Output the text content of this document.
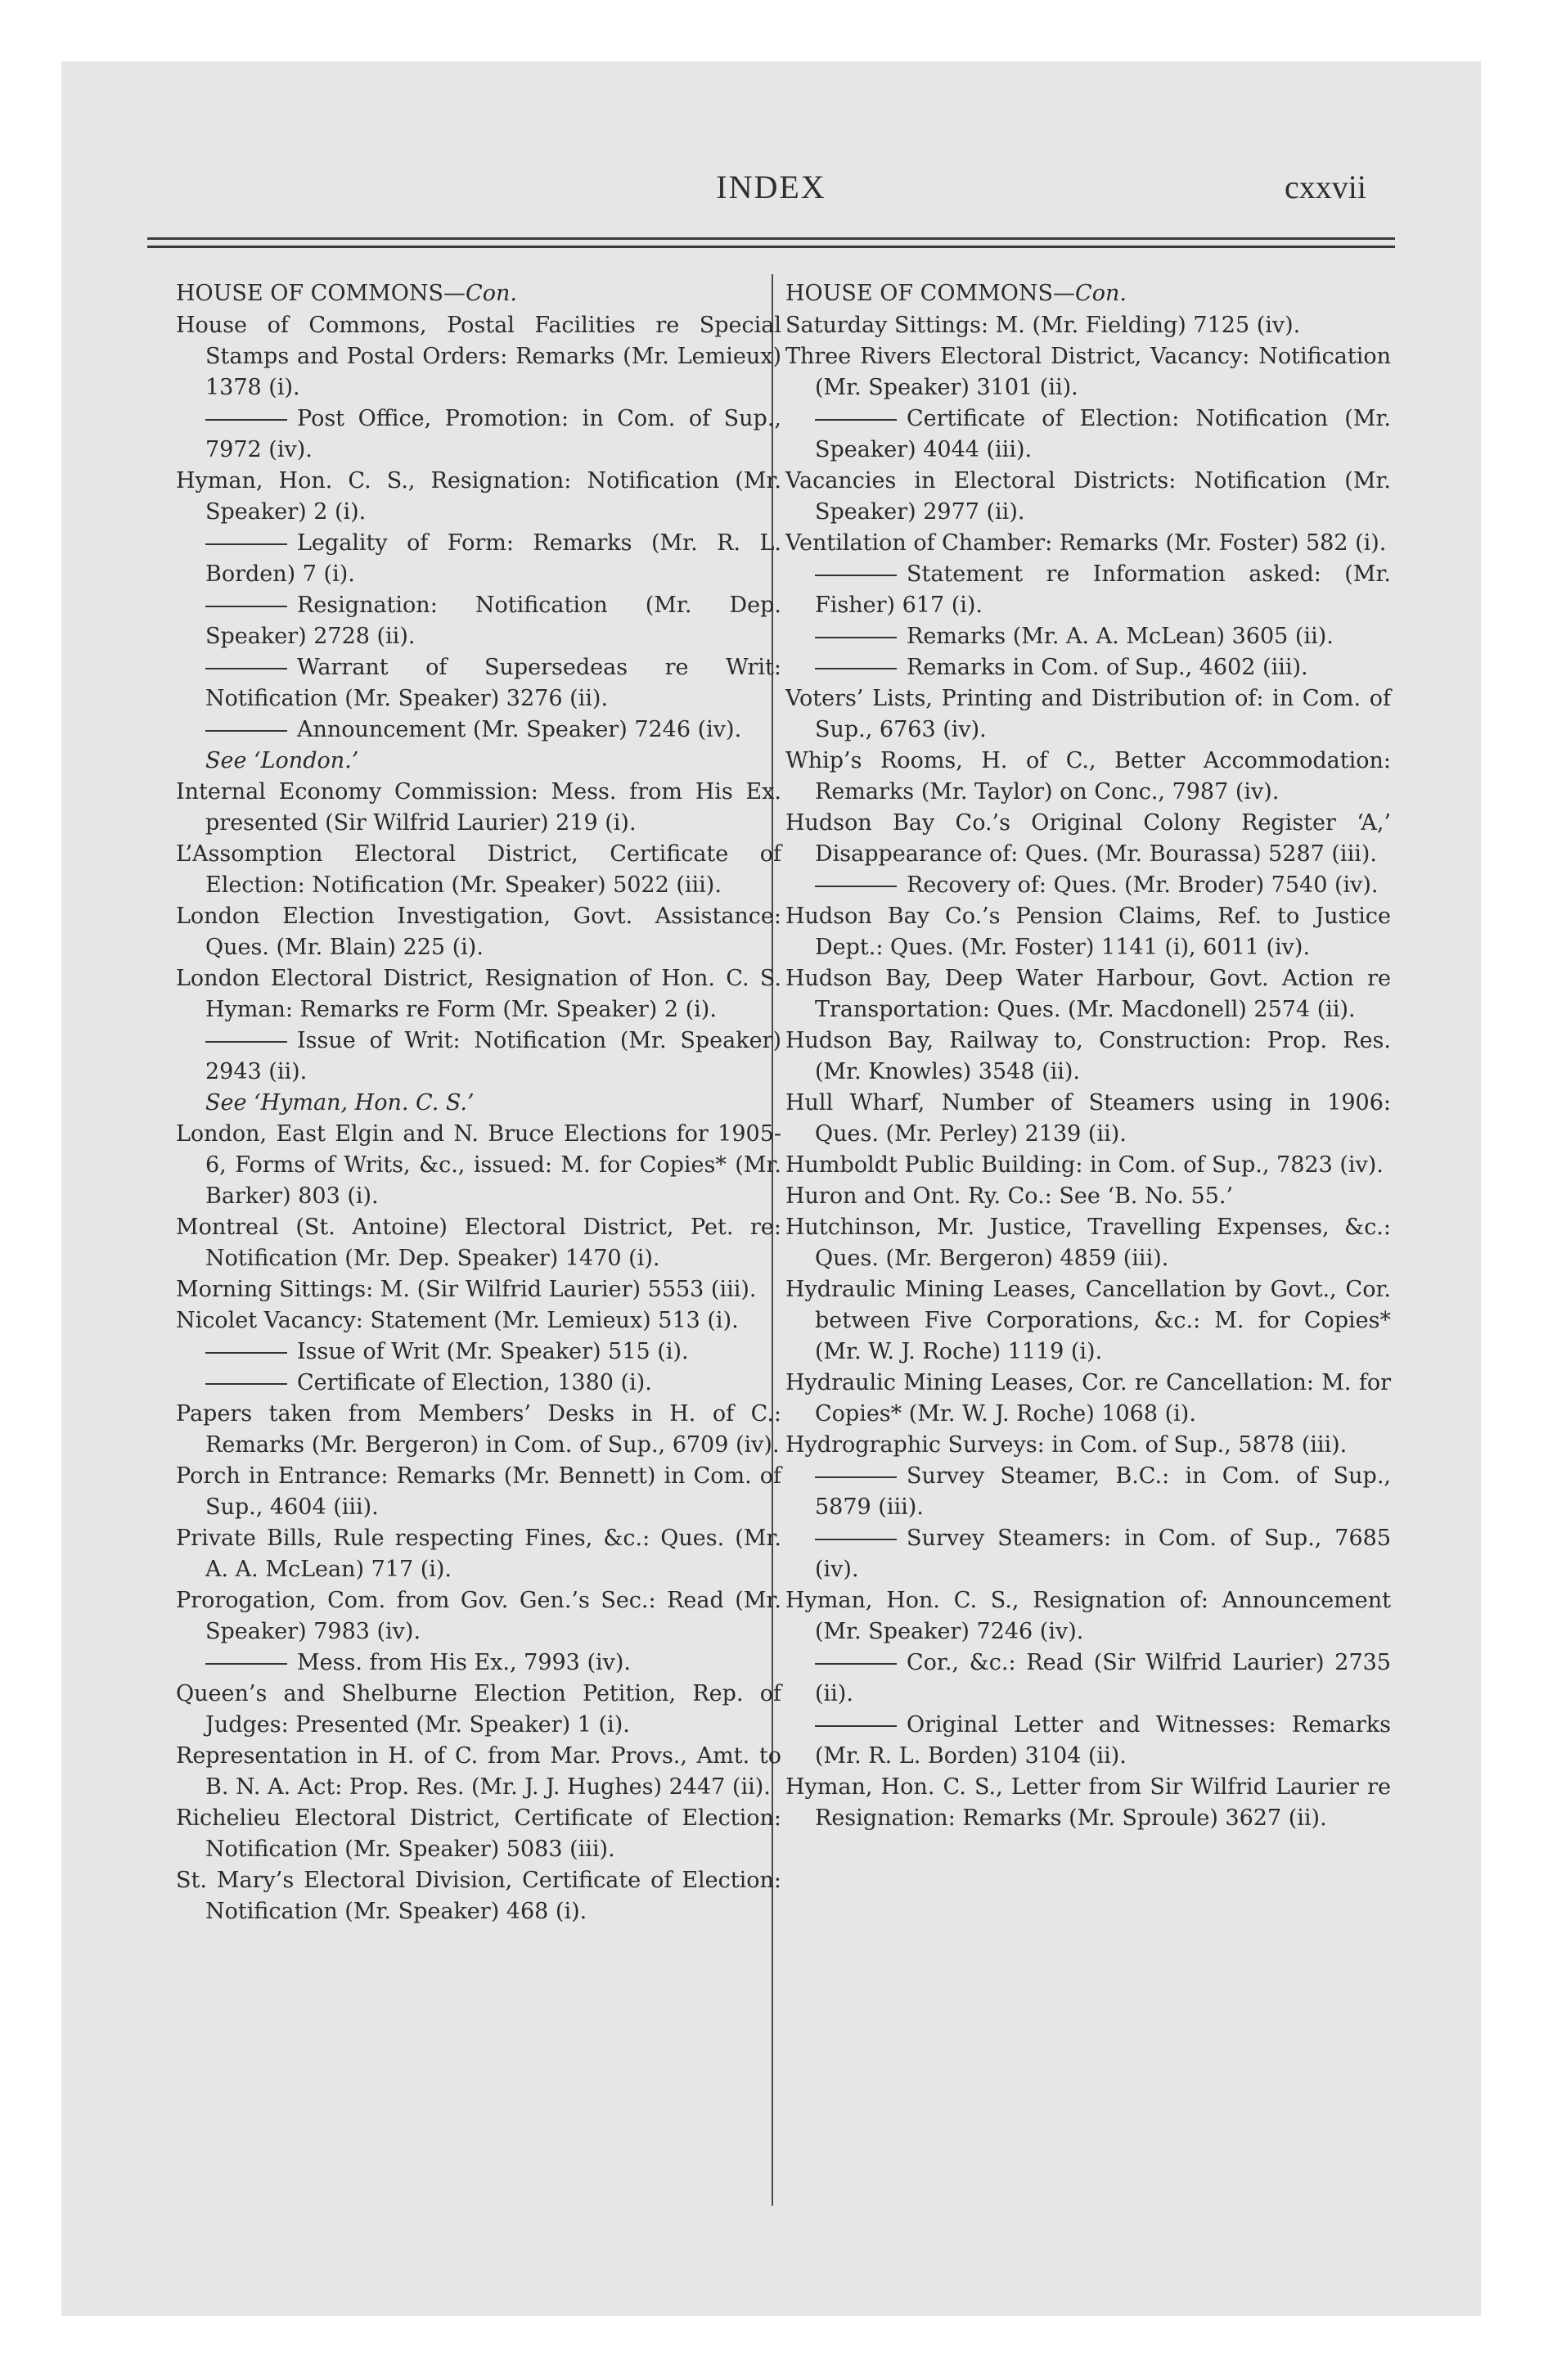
INDEX	cxxvii

HOUSE OF COMMONS—Con.

House of Commons, Postal Facilities re Special Stamps and Postal Orders: Remarks (Mr. Lemieux) 1378 (i).

Post Office, Promotion: in Com. of Sup., 7972 (iv).

Hyman, Hon. C. S., Resignation: Notification (Mr. Speaker) 2 (i).

Legality of Form: Remarks (Mr. R. L. Borden) 7 (i).

Resignation: Notification (Mr. Dep. Speaker) 2728 (ii).

Warrant of Supersedeas re Writ: Notification (Mr. Speaker) 3276 (ii).

Announcement (Mr. Speaker) 7246 (iv).

See ‘London.’

Internal Economy Commission: Mess. from His Ex. presented (Sir Wilfrid Laurier) 219 (i).

L’Assomption Electoral District, Certificate of Election: Notification (Mr. Speaker) 5022 (iii).

London Election Investigation, Govt. Assistance: Ques. (Mr. Blain) 225 (i).

London Electoral District, Resignation of Hon. C. S. Hyman: Remarks re Form (Mr. Speaker) 2 (i).

Issue of Writ: Notification (Mr. Speaker) 2943 (ii).

See ‘Hyman, Hon. C. S.’

London, East Elgin and N. Bruce Elections for 1905-6, Forms of Writs, &c., issued: M. for Copies* (Mr. Barker) 803 (i).

Montreal (St. Antoine) Electoral District, Pet. re: Notification (Mr. Dep. Speaker) 1470 (i).

Morning Sittings: M. (Sir Wilfrid Laurier) 5553 (iii).

Nicolet Vacancy: Statement (Mr. Lemieux) 513 (i).

Issue of Writ (Mr. Speaker) 515 (i).

Certificate of Election, 1380 (i).

Papers taken from Members’ Desks in H. of C.: Remarks (Mr. Bergeron) in Com. of Sup., 6709 (iv).

Porch in Entrance: Remarks (Mr. Bennett) in Com. of Sup., 4604 (iii).

Private Bills, Rule respecting Fines, &c.: Ques. (Mr. A. A. McLean) 717 (i).

Prorogation, Com. from Gov. Gen.’s Sec.: Read (Mr. Speaker) 7983 (iv).

Mess. from His Ex., 7993 (iv).

Queen’s and Shelburne Election Petition, Rep. of Judges: Presented (Mr. Speaker) 1 (i).

Representation in H. of C. from Mar. Provs., Amt. to B. N. A. Act: Prop. Res. (Mr. J. J. Hughes) 2447 (ii).

Richelieu Electoral District, Certificate of Election: Notification (Mr. Speaker) 5083 (iii).

St. Mary’s Electoral Division, Certificate of Election: Notification (Mr. Speaker) 468 (i).

HOUSE OF COMMONS—Con.

Saturday Sittings: M. (Mr. Fielding) 7125 (iv).

Three Rivers Electoral District, Vacancy: Notification (Mr. Speaker) 3101 (ii).

Certificate of Election: Notification (Mr. Speaker) 4044 (iii).

Vacancies in Electoral Districts: Notification (Mr. Speaker) 2977 (ii).

Ventilation of Chamber: Remarks (Mr. Foster) 582 (i).

Statement re Information asked: (Mr. Fisher) 617 (i).

Remarks (Mr. A. A. McLean) 3605 (ii).

Remarks in Com. of Sup., 4602 (iii).

Voters’ Lists, Printing and Distribution of: in Com. of Sup., 6763 (iv).

Whip’s Rooms, H. of C., Better Accommodation: Remarks (Mr. Taylor) on Conc., 7987 (iv).

Hudson Bay Co.’s Original Colony Register ‘A,’ Disappearance of: Ques. (Mr. Bourassa) 5287 (iii).

Recovery of: Ques. (Mr. Broder) 7540 (iv).

Hudson Bay Co.’s Pension Claims, Ref. to Justice Dept.: Ques. (Mr. Foster) 1141 (i), 6011 (iv).

Hudson Bay, Deep Water Harbour, Govt. Action re Transportation: Ques. (Mr. Macdonell) 2574 (ii).

Hudson Bay, Railway to, Construction: Prop. Res. (Mr. Knowles) 3548 (ii).

Hull Wharf, Number of Steamers using in 1906: Ques. (Mr. Perley) 2139 (ii).

Humboldt Public Building: in Com. of Sup., 7823 (iv).

Huron and Ont. Ry. Co.: See ‘B. No. 55.’

Hutchinson, Mr. Justice, Travelling Expenses, &c.: Ques. (Mr. Bergeron) 4859 (iii).

Hydraulic Mining Leases, Cancellation by Govt., Cor. between Five Corporations, &c.: M. for Copies* (Mr. W. J. Roche) 1119 (i).

Hydraulic Mining Leases, Cor. re Cancellation: M. for Copies* (Mr. W. J. Roche) 1068 (i).

Hydrographic Surveys: in Com. of Sup., 5878 (iii).

Survey Steamer, B.C.: in Com. of Sup., 5879 (iii).

Survey Steamers: in Com. of Sup., 7685 (iv).

Hyman, Hon. C. S., Resignation of: Announcement (Mr. Speaker) 7246 (iv).

Cor., &c.: Read (Sir Wilfrid Laurier) 2735 (ii).

Original Letter and Witnesses: Remarks (Mr. R. L. Borden) 3104 (ii).

Hyman, Hon. C. S., Letter from Sir Wilfrid Laurier re Resignation: Remarks (Mr. Sproule) 3627 (ii).
